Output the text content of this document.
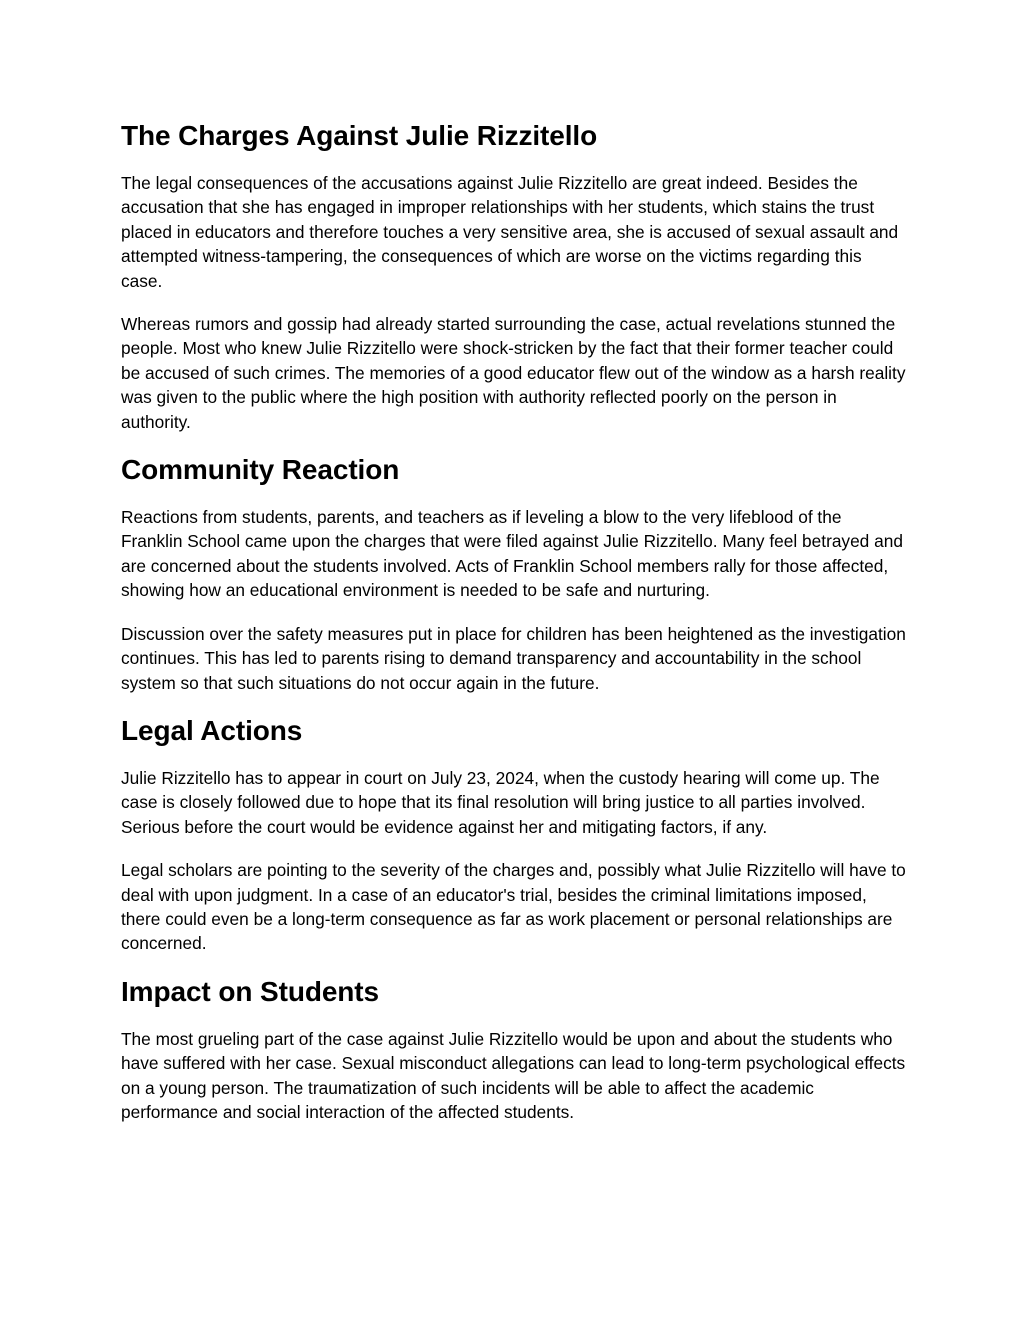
The Charges Against Julie Rizzitello

The legal consequences of the accusations against Julie Rizzitello are great indeed. Besides the accusation that she has engaged in improper relationships with her students, which stains the trust placed in educators and therefore touches a very sensitive area, she is accused of sexual assault and attempted witness-tampering, the consequences of which are worse on the victims regarding this case.

Whereas rumors and gossip had already started surrounding the case, actual revelations stunned the people. Most who knew Julie Rizzitello were shock-stricken by the fact that their former teacher could be accused of such crimes. The memories of a good educator flew out of the window as a harsh reality was given to the public where the high position with authority reflected poorly on the person in authority.

Community Reaction

Reactions from students, parents, and teachers as if leveling a blow to the very lifeblood of the Franklin School came upon the charges that were filed against Julie Rizzitello. Many feel betrayed and are concerned about the students involved. Acts of Franklin School members rally for those affected, showing how an educational environment is needed to be safe and nurturing.

Discussion over the safety measures put in place for children has been heightened as the investigation continues. This has led to parents rising to demand transparency and accountability in the school system so that such situations do not occur again in the future.

Legal Actions

Julie Rizzitello has to appear in court on July 23, 2024, when the custody hearing will come up. The case is closely followed due to hope that its final resolution will bring justice to all parties involved. Serious before the court would be evidence against her and mitigating factors, if any.

Legal scholars are pointing to the severity of the charges and, possibly what Julie Rizzitello will have to deal with upon judgment. In a case of an educator's trial, besides the criminal limitations imposed, there could even be a long-term consequence as far as work placement or personal relationships are concerned.

Impact on Students

The most grueling part of the case against Julie Rizzitello would be upon and about the students who have suffered with her case. Sexual misconduct allegations can lead to long-term psychological effects on a young person. The traumatization of such incidents will be able to affect the academic performance and social interaction of the affected students.
